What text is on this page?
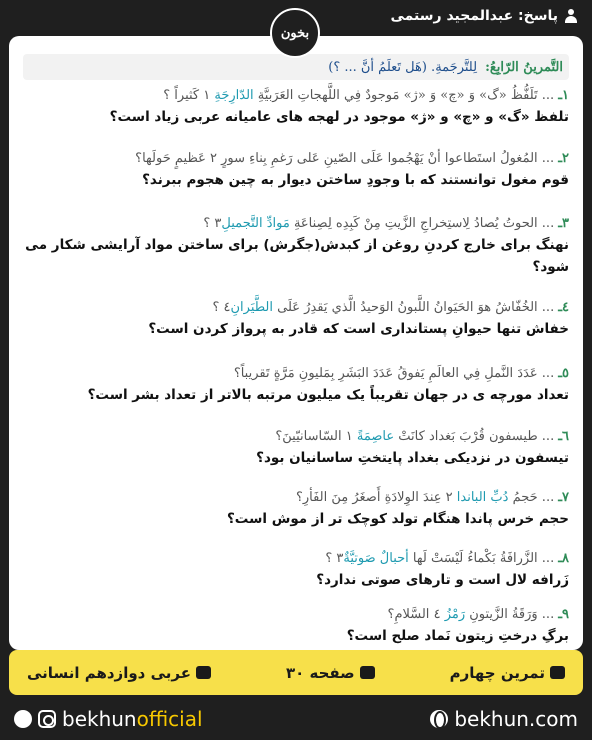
پاسخ: عبدالمجید رستمی
بخون
التَّمرينُ الرّابِعُ:
لِلتَّرجَمةِ. (هَل تَعلَمُ أنَّ ... ؟)
١ـ... تَلَفُّظُ «گ» وَ «چ» وَ «ژ» مَوجودٌ فِي اللَّهجاتِ العَرَبيَّةِ الدّارِجَةِ ١ كَثيراً ؟
تلفظ «گ» و «چ» و «ژ» موجود در لهجه های عامیانه عربی زیاد است؟
٢ـ... المُغولُ استَطاعوا أنْ يَهْجُموا عَلَى الصّينِ عَلى رَغمِ بِناءِ سورٍ ٢ عَظيمٍ حَولَها؟
قوم مغول توانستند که با وجودِ ساختن دیوار به چین هجوم ببرند؟
٣ـ... الحوتُ يُصادُ لِاستِخراجِ الزَّيتِ مِنْ كَبِدِه لِصِناعَةِ مَوادِّ التَّجميلِ٣ ؟
نهنگ برای خارج کردنِ روغن از کبدش(جگرش) برای ساختن مواد آرایشی شکار می شود؟
٤ـ... الخُفّاشُ هوَ الحَيَوانُ اللَّبونُ الوَحيدُ الَّذي يَقدِرُ عَلَى الطَّيَرانِ٤ ؟
خفاش تنها حیوانِ پستانداری است که قادر به پرواز کردن است؟
٥ـ... عَدَدَ النَّملِ فِي العالَمِ يَفوقُ عَدَدَ البَشَرِ بِمَليونِ مَرَّةٍ تَقريباً؟
تعداد مورچه ی در جهان تقریباً یک میلیون مرتبه بالاتر از تعداد بشر است؟
٦ـ... طيسفون قُرْبَ بَغداد كانَتْ عاصِمَةً ١ السّاسانيّينَ؟
تیسفون در نزدیکی بغداد پایتختِ ساسانیان بود؟
٧ـ... حَجمُ دُبِّ الباندا ٢ عِندَ الوِلادَةِ أَصغَرُ مِنَ الفَأرِ؟
حجم خرس پاندا هنگام تولد کوچک تر از موش است؟
٨ـ... الزَّرافَةُ بَكْماءُ لَيْسَتْ لَها أحبالٌ صَوتيَّةٌ٣ ؟
زَرافه لال است و تارهای صوتی ندارد؟
٩ـ... وَرَقَةُ الزَّيتونِ رَمْزُ ٤ السَّلامِ؟
برگِ درختِ زیتون نَماد صلح است؟
تمرین چهارم
صفحه ۳۰
عربی دوازدهم انسانی
bekhunofficial	bekhun.com
